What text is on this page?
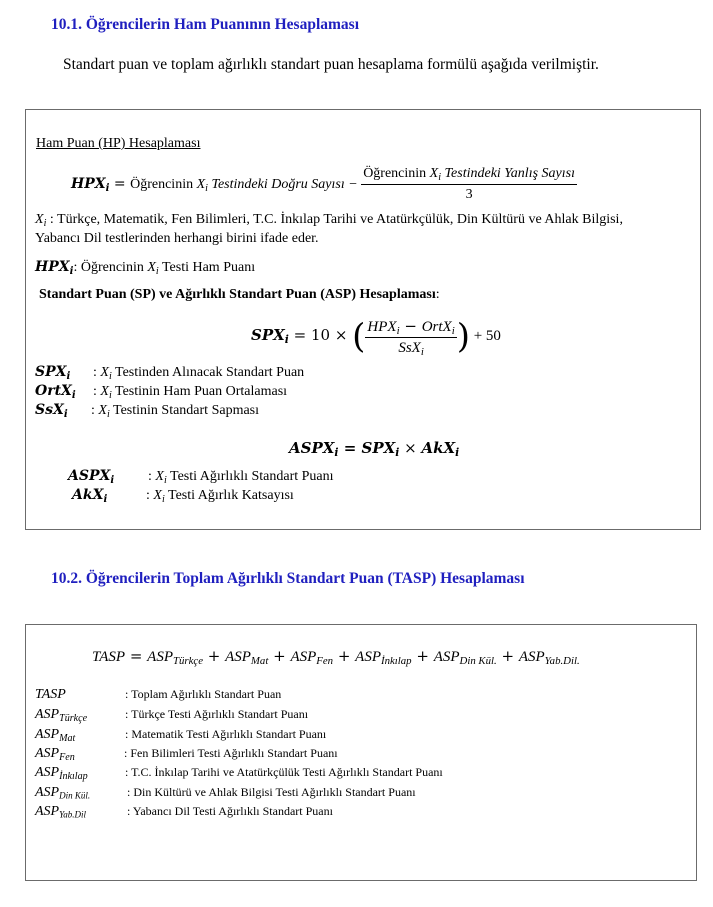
10.1. Öğrencilerin Ham Puanının Hesaplaması
Standart puan ve toplam ağırlıklı standart puan hesaplama formülü aşağıda verilmiştir.
Ham Puan (HP) Hesaplaması
$HPX_i$ = Öğrencinin $X_i$ Testindeki Doğru Sayısı − $\frac{Öğrencinin X_i Testindeki Yanlış Sayısı}{3}$
$X_i$ : Türkçe, Matematik, Fen Bilimleri, T.C. İnkılap Tarihi ve Atatürkçülük, Din Kültürü ve Ahlak Bilgisi,
Yabancı Dil testlerinden herhangi birini ifade eder.
$HPX_i$: Öğrencinin $X_i$ Testi Ham Puanı
Standart Puan (SP) ve Ağırlıklı Standart Puan (ASP) Hesaplaması:
$SPX_i = 10$ × ( $\frac{HPX_i - OrtX_i}{SsX_i}$ ) + 50
$SPX_i$ : $X_i$ Testinden Alınacak Standart Puan
OrtX$_i$ : $X_i$ Testinin Ham Puan Ortalaması
SsX$_i$ : $X_i$ Testinin Standart Sapması
$ASPX_i = SPX_i \times AkX_i$
$ASPX_i$ : $X_i$ Testi Ağırlıklı Standart Puanı
AkX$_i$	: $X_i$ Testi Ağırlık Katsayısı
10.2. Öğrencilerin Toplam Ağırlıklı Standart Puan (TASP) Hesaplaması
TASP = $ASP_{Türkçe} + ASP_{Mat} + ASP_{Fen} + ASP_{İnkılap} + ASP_{Din Kül.} + ASP_{Yab.Dil.}$
TASP	: Toplam Ağırlıklı Standart Puan
$ASP_{Türkçe}$	: Türkçe Testi Ağırlıklı Standart Puanı
$ASP_{Mat}$	: Matematik Testi Ağırlıklı Standart Puanı
$ASP_{Fen}$	: Fen Bilimleri Testi Ağırlıklı Standart Puanı
$ASP_{İnkılap}$	: T.C. İnkılap Tarihi ve Atatürkçülük Testi Ağırlıklı Standart Puanı
$ASP_{Din Kül.}$	: Din Kültürü ve Ahlak Bilgisi Testi Ağırlıklı Standart Puanı
$ASP_{Yab.Dil}$	: Yabancı Dil Testi Ağırlıklı Standart Puanı
